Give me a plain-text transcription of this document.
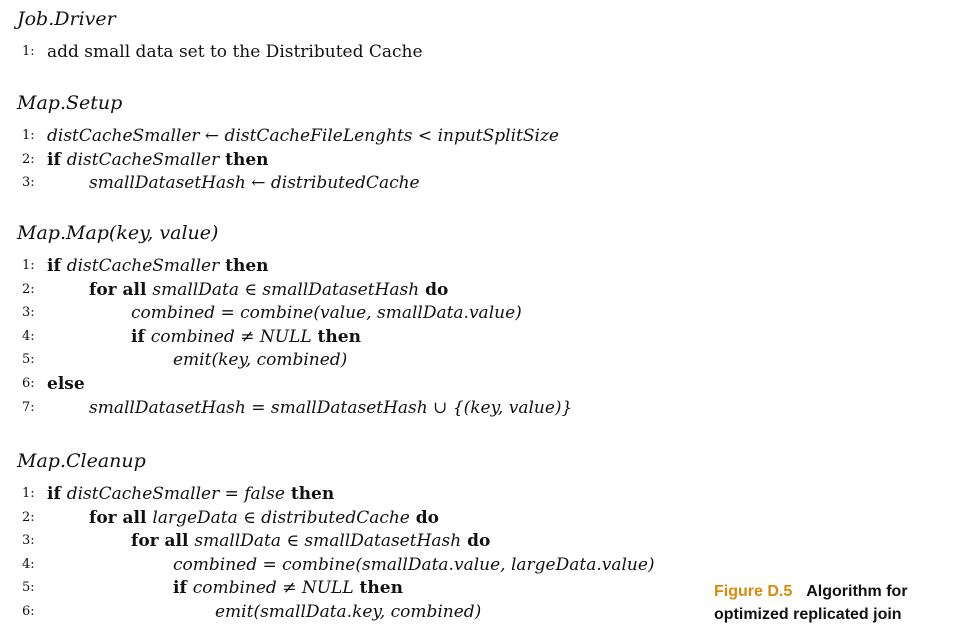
Job.Driver
1: add small data set to the Distributed Cache
Map.Setup
1: distCacheSmaller ← distCacheFileLenghts < inputSplitSize
2: if distCacheSmaller then
3:	smallDatasetHash ← distributedCache
Map.Map(key, value)
1: if distCacheSmaller then
2:	for all smallData ∈ smallDatasetHash do
3:	combined = combine(value, smallData.value)
4:	if combined ≠ NULL then
5:	emit(key, combined)
6: else
7:	smallDatasetHash = smallDatasetHash ∪ {(key, value)}
Map.Cleanup
1: if distCacheSmaller = false then
2:	for all largeData ∈ distributedCache do
3:	for all smallData ∈ smallDatasetHash do
4:	combined = combine(smallData.value, largeData.value)
5:	if combined ≠ NULL then
6:	emit(smallData.key, combined)
Figure D.5 Algorithm for
optimized replicated join
